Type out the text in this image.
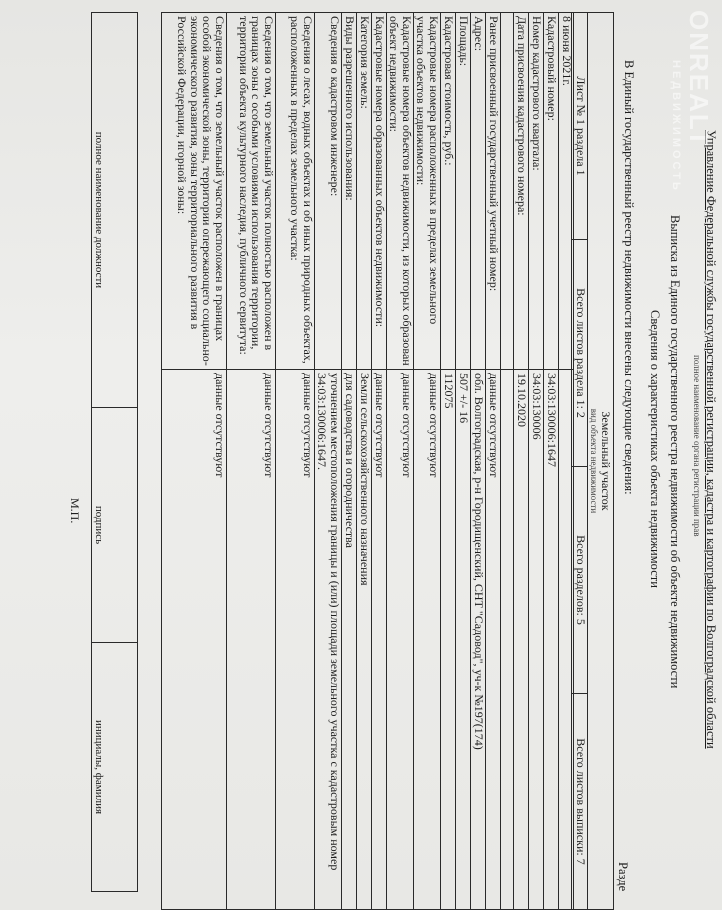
Управление Федеральной службы государственной регистрации, кадастра и картографии по Волгоградской области
полное наименование органа регистрации прав
Выписка из Единого государственного реестра недвижимости об объекте недвижимости
Сведения о характеристиках объекта недвижимости
В Единый государственный реестр недвижимости внесены следующие сведения:
Разде
ONREALT
НЕДВИЖИМОСТЬ
Земельный участок
вид объекта недвижимости

Лист № 1 раздела 1	Всего листов раздела 1: 2	Всего разделов: 5	Всего листов выписки: 7
8 июня 2021г.	
Кадастровый номер:	34:03:130006:1647
Номер кадастрового квартала:	34:03:130006
Дата присвоения кадастрового номера:	19.10.2020

Ранее присвоенный государственный учетный номер:	данные отсутствуют
Адрес:	обл. Волгоградская, р-н Городищенский, СНТ "Садовод", уч-к №197(174)
Площадь:	507 +/- 16
Кадастровая стоимость, руб.:	112075
Кадастровые номера расположенных в пределах земельного участка объектов недвижимости:	данные отсутствуют
Кадастровые номера объектов недвижимости, из которых образован объект недвижимости:	данные отсутствуют
Кадастровые номера образованных объектов недвижимости:	данные отсутствуют
Категория земель:	Земли сельскохозяйственного назначения
Виды разрешенного использования:	для садоводства и огородничества
Сведения о кадастровом инженере:	уточнением местоположения границы и (или) площади земельного участка с кадастровым номер 34:03:130006:1647.
Сведения о лесах, водных объектах и об иных природных объектах, расположенных в пределах земельного участка:	данные отсутствуют
Сведения о том, что земельный участок полностью расположен в границах зоны с особыми условиями использования территории, территории объекта культурного наследия, публичного сервитута:	данные отсутствуют
Сведения о том, что земельный участок расположен в границах особой экономической зоны, территории опережающего социально-экономического развития, зоны территориального развития в Российской Федерации, игорной зоны:	данные отсутствуют
полное наименование должности	подпись	инициалы, фамилия
М.П.
